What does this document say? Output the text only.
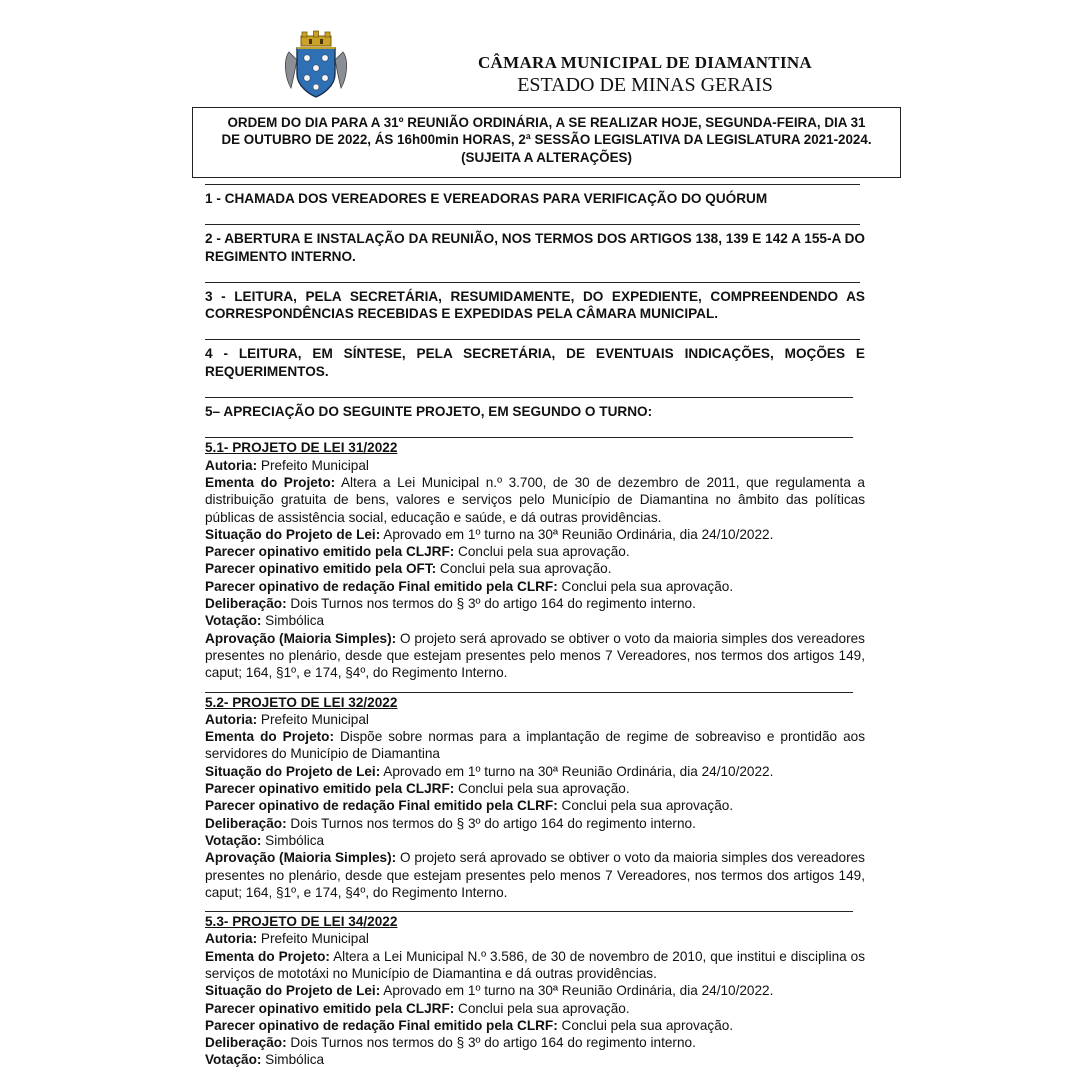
CÂMARA MUNICIPAL DE DIAMANTINA
ESTADO DE MINAS GERAIS
ORDEM DO DIA PARA A 31º REUNIÃO ORDINÁRIA, A SE REALIZAR HOJE, SEGUNDA-FEIRA, DIA 31
DE OUTUBRO DE 2022, ÁS 16h00min HORAS, 2ª SESSÃO LEGISLATIVA DA LEGISLATURA 2021-2024.
(SUJEITA A ALTERAÇÕES)
1 - CHAMADA DOS VEREADORES E VEREADORAS PARA VERIFICAÇÃO DO QUÓRUM
2 - ABERTURA E INSTALAÇÃO DA REUNIÃO, NOS TERMOS DOS ARTIGOS 138, 139 E 142 A 155-A DO REGIMENTO INTERNO.
3 - LEITURA, PELA SECRETÁRIA, RESUMIDAMENTE, DO EXPEDIENTE, COMPREENDENDO AS CORRESPONDÊNCIAS RECEBIDAS E EXPEDIDAS PELA CÂMARA MUNICIPAL.
4 - LEITURA, EM SÍNTESE, PELA SECRETÁRIA, DE EVENTUAIS INDICAÇÕES, MOÇÕES E REQUERIMENTOS.
5– APRECIAÇÃO DO SEGUINTE PROJETO, EM SEGUNDO O TURNO:
5.1- PROJETO DE LEI 31/2022
Autoria: Prefeito Municipal
Ementa do Projeto: Altera a Lei Municipal n.º 3.700, de 30 de dezembro de 2011, que regulamenta a distribuição gratuita de bens, valores e serviços pelo Município de Diamantina no âmbito das políticas públicas de assistência social, educação e saúde, e dá outras providências.
Situação do Projeto de Lei: Aprovado em 1º turno na 30ª Reunião Ordinária, dia 24/10/2022.
Parecer opinativo emitido pela CLJRF: Conclui pela sua aprovação.
Parecer opinativo emitido pela OFT: Conclui pela sua aprovação.
Parecer opinativo de redação Final emitido pela CLRF: Conclui pela sua aprovação.
Deliberação: Dois Turnos nos termos do § 3º do artigo 164 do regimento interno.
Votação: Simbólica
Aprovação (Maioria Simples): O projeto será aprovado se obtiver o voto da maioria simples dos vereadores presentes no plenário, desde que estejam presentes pelo menos 7 Vereadores, nos termos dos artigos 149, caput; 164, §1º, e 174, §4º, do Regimento Interno.
5.2- PROJETO DE LEI 32/2022
Autoria: Prefeito Municipal
Ementa do Projeto: Dispõe sobre normas para a implantação de regime de sobreaviso e prontidão aos servidores do Município de Diamantina
Situação do Projeto de Lei: Aprovado em 1º turno na 30ª Reunião Ordinária, dia 24/10/2022.
Parecer opinativo emitido pela CLJRF: Conclui pela sua aprovação.
Parecer opinativo de redação Final emitido pela CLRF: Conclui pela sua aprovação.
Deliberação: Dois Turnos nos termos do § 3º do artigo 164 do regimento interno.
Votação: Simbólica
Aprovação (Maioria Simples): O projeto será aprovado se obtiver o voto da maioria simples dos vereadores presentes no plenário, desde que estejam presentes pelo menos 7 Vereadores, nos termos dos artigos 149, caput; 164, §1º, e 174, §4º, do Regimento Interno.
5.3- PROJETO DE LEI 34/2022
Autoria: Prefeito Municipal
Ementa do Projeto: Altera a Lei Municipal N.º 3.586, de 30 de novembro de 2010, que institui e disciplina os serviços de mototáxi no Município de Diamantina e dá outras providências.
Situação do Projeto de Lei: Aprovado em 1º turno na 30ª Reunião Ordinária, dia 24/10/2022.
Parecer opinativo emitido pela CLJRF: Conclui pela sua aprovação.
Parecer opinativo de redação Final emitido pela CLRF: Conclui pela sua aprovação.
Deliberação: Dois Turnos nos termos do § 3º do artigo 164 do regimento interno.
Votação: Simbólica
